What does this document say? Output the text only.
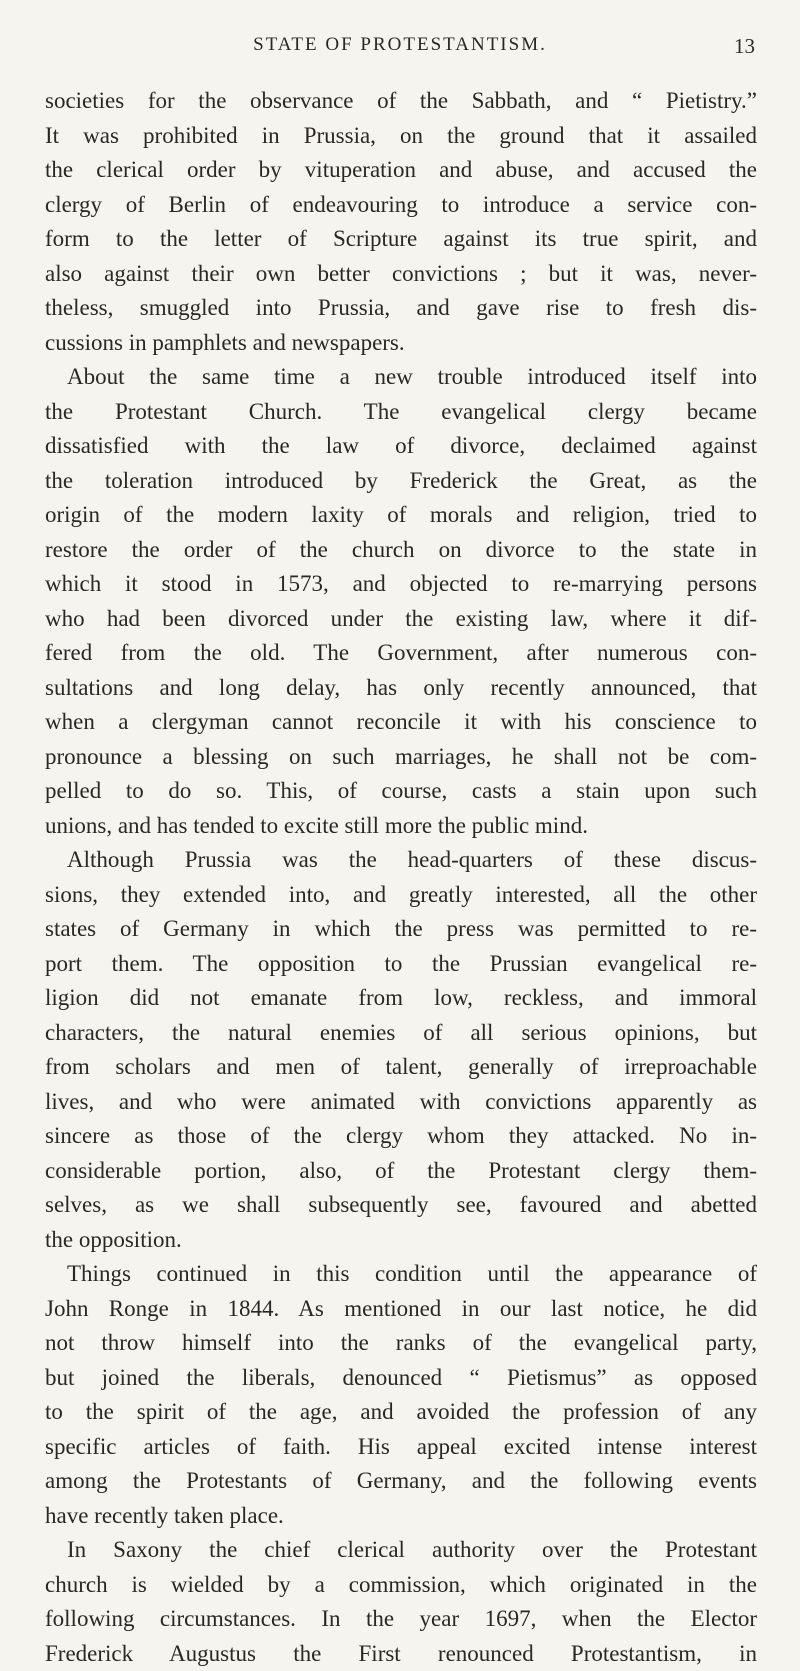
STATE OF PROTESTANTISM.	13
societies for the observance of the Sabbath, and “ Pietistry.”
It was prohibited in Prussia, on the ground that it assailed
the clerical order by vituperation and abuse, and accused the
clergy of Berlin of endeavouring to introduce a service con-
form to the letter of Scripture against its true spirit, and
also against their own better convictions ; but it was, never-
theless, smuggled into Prussia, and gave rise to fresh dis-
cussions in pamphlets and newspapers.
About the same time a new trouble introduced itself into
the Protestant Church. The evangelical clergy became
dissatisfied with the law of divorce, declaimed against
the toleration introduced by Frederick the Great, as the
origin of the modern laxity of morals and religion, tried to
restore the order of the church on divorce to the state in
which it stood in 1573, and objected to re-marrying persons
who had been divorced under the existing law, where it dif-
fered from the old. The Government, after numerous con-
sultations and long delay, has only recently announced, that
when a clergyman cannot reconcile it with his conscience to
pronounce a blessing on such marriages, he shall not be com-
pelled to do so. This, of course, casts a stain upon such
unions, and has tended to excite still more the public mind.
Although Prussia was the head-quarters of these discus-
sions, they extended into, and greatly interested, all the other
states of Germany in which the press was permitted to re-
port them. The opposition to the Prussian evangelical re-
ligion did not emanate from low, reckless, and immoral
characters, the natural enemies of all serious opinions, but
from scholars and men of talent, generally of irreproachable
lives, and who were animated with convictions apparently as
sincere as those of the clergy whom they attacked. No in-
considerable portion, also, of the Protestant clergy them-
selves, as we shall subsequently see, favoured and abetted
the opposition.
Things continued in this condition until the appearance of
John Ronge in 1844. As mentioned in our last notice, he did
not throw himself into the ranks of the evangelical party,
but joined the liberals, denounced “ Pietismus” as opposed
to the spirit of the age, and avoided the profession of any
specific articles of faith. His appeal excited intense interest
among the Protestants of Germany, and the following events
have recently taken place.
In Saxony the chief clerical authority over the Protestant
church is wielded by a commission, which originated in the
following circumstances. In the year 1697, when the Elector
Frederick Augustus the First renounced Protestantism, in
